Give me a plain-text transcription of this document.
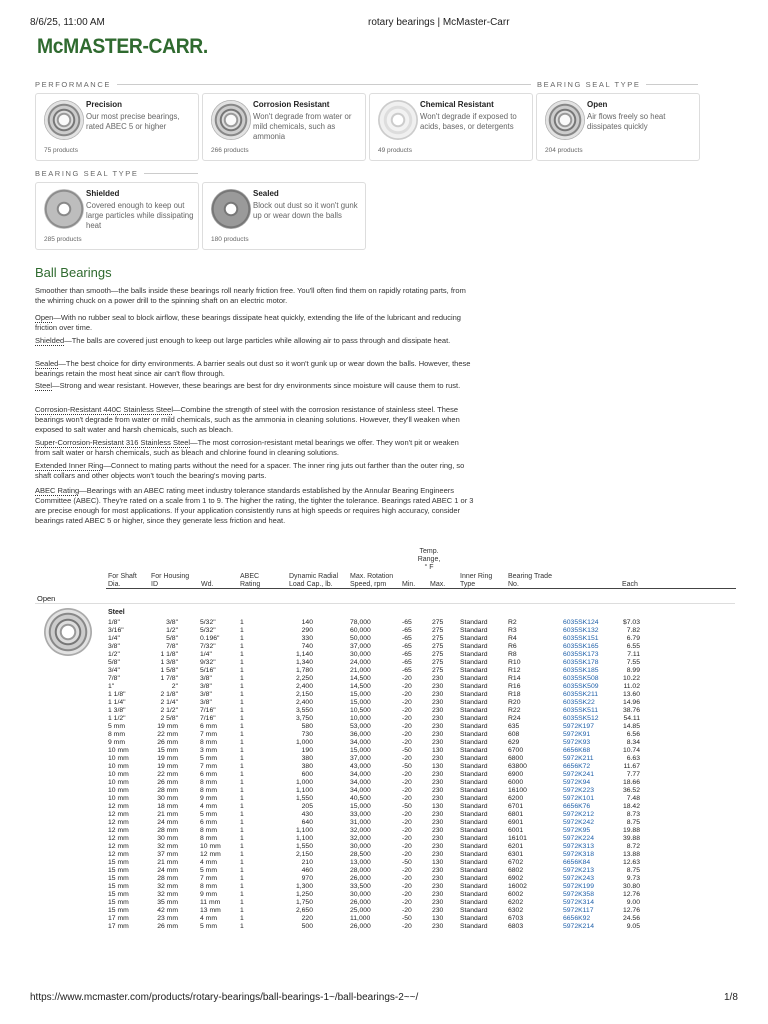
8/6/25, 11:00 AM	rotary bearings | McMaster-Carr
McMASTER-CARR.
PERFORMANCE	BEARING SEAL TYPE
Precision
Our most precise bearings, rated ABEC 5 or higher
75 products
Corrosion Resistant
Won't degrade from water or mild chemicals, such as ammonia
266 products
Chemical Resistant
Won't degrade if exposed to acids, bases, or detergents
49 products
Open
Air flows freely so heat dissipates quickly
204 products
BEARING SEAL TYPE
Shielded
Covered enough to keep out large particles while dissipating heat
285 products
Sealed
Block out dust so it won't gunk up or wear down the balls
180 products
Ball Bearings

Smoother than smooth—the balls inside these bearings roll nearly friction free. You'll often find them on rapidly rotating parts, from the whirring chuck on a power drill to the spinning shaft on an electric motor.

Open—With no rubber seal to block airflow, these bearings dissipate heat quickly, extending the life of the lubricant and reducing friction over time.

Shielded—The balls are covered just enough to keep out large particles while allowing air to pass through and dissipate heat.

Sealed—The best choice for dirty environments. A barrier seals out dust so it won't gunk up or wear down the balls. However, these bearings retain the most heat since air can't flow through.

Steel—Strong and wear resistant. However, these bearings are best for dry environments since moisture will cause them to rust.

Corrosion-Resistant 440C Stainless Steel—Combine the strength of steel with the corrosion resistance of stainless steel. These bearings won't degrade from water or mild chemicals, such as the ammonia in cleaning solutions. However, they'll weaken when exposed to salt water and harsh chemicals, such as bleach.

Super-Corrosion-Resistant 316 Stainless Steel—The most corrosion-resistant metal bearings we offer. They won't pit or weaken from salt water or harsh chemicals, such as bleach and chlorine found in cleaning solutions.

Extended Inner Ring—Connect to mating parts without the need for a spacer. The inner ring juts out farther than the outer ring, so shaft collars and other objects won't touch the bearing's moving parts.

ABEC Rating—Bearings with an ABEC rating meet industry tolerance standards established by the Annular Bearing Engineers Committee (ABEC). They're rated on a scale from 1 to 9. The higher the rating, the tighter the tolerance. Bearings rated ABEC 1 or 3 are precise enough for most applications. If your application consistently runs at high speeds or requires high accuracy, consider bearings rated ABEC 5 or higher, since they generate less friction and heat.

Temp. Range, ° F
For Shaft Dia.
For Housing ID	Wd.
ABEC Rating
Dynamic Radial Load Cap., lb.
Max. Rotation Speed, rpm	Min. Max.
Inner Ring Type
Bearing Trade No.	Each
Open
Steel
1/8"	3/8"	5/32"	1	140	78,000	-65	275 Standard	R2	6035SK124	$7.03
3/16"	1/2"	5/32"	1	290	60,000	-65	275 Standard	R3	6035SK132	7.82
1/4"	5/8"	0.196"	1	330	50,000	-65	275 Standard	R4	6035SK151	6.79
3/8"	7/8"	7/32"	1	740	37,000	-65	275 Standard	R6	6035SK165	6.55
1/2"	1 1/8"	1/4"	1	1,140	30,000	-65	275 Standard	R8	6035SK173	7.11
5/8"	1 3/8"	9/32"	1	1,340	24,000	-65	275 Standard	R10	6035SK178	7.55
3/4"	1 5/8"	5/16"	1	1,780	21,000	-65	275 Standard	R12	6035SK185	8.99
7/8"	1 7/8"	3/8"	1	2,250	14,500	-20	230 Standard	R14	6035SK508	10.22
1"	2"	3/8"	1	2,400	14,500	-20	230 Standard	R16	6035SK509	11.02
1 1/8"	2 1/8"	3/8"	1	2,150	15,000	-20	230 Standard	R18	6035SK211	13.60
1 1/4"	2 1/4"	3/8"	1	2,400	15,000	-20	230 Standard	R20	6035SK22	14.96
1 3/8"	2 1/2"	7/16"	1	3,550	10,500	-20	230 Standard	R22	6035SK511	38.76
1 1/2"	2 5/8"	7/16"	1	3,750	10,000	-20	230 Standard	R24	6035SK512	54.11
5 mm	19 mm	6 mm	1	580	53,000	-20	230 Standard	635	5972K197	14.85
8 mm	22 mm	7 mm	1	730	36,000	-20	230 Standard	608	5972K91	6.56
9 mm	26 mm	8 mm	1	1,000	34,000	-20	230 Standard	629	5972K93	8.34
10 mm	15 mm	3 mm	1	190	15,000	-50	130 Standard	6700	6656K68	10.74
10 mm	19 mm	5 mm	1	380	37,000	-20	230 Standard	6800	5972K211	6.63
10 mm	19 mm	7 mm	1	380	43,000	-50	130 Standard	63800	6656K72	11.67
10 mm	22 mm	6 mm	1	600	34,000	-20	230 Standard	6900	5972K241	7.77
10 mm	26 mm	8 mm	1	1,000	34,000	-20	230 Standard	6000	5972K94	18.66
10 mm	28 mm	8 mm	1	1,100	34,000	-20	230 Standard	16100	5972K223	36.52
10 mm	30 mm	9 mm	1	1,550	40,500	-20	230 Standard	6200	5972K101	7.48
12 mm	18 mm	4 mm	1	205	15,000	-50	130 Standard	6701	6656K76	18.42
12 mm	21 mm	5 mm	1	430	33,000	-20	230 Standard	6801	5972K212	8.73
12 mm	24 mm	6 mm	1	640	31,000	-20	230 Standard	6901	5972K242	8.75
12 mm	28 mm	8 mm	1	1,100	32,000	-20	230 Standard	6001	5972K95	19.88
12 mm	30 mm	8 mm	1	1,100	32,000	-20	230 Standard	16101	5972K224	39.88
12 mm	32 mm	10 mm	1	1,550	30,000	-20	230 Standard	6201	5972K313	8.72
12 mm	37 mm	12 mm	1	2,150	28,500	-20	230 Standard	6301	5972K318	13.88
15 mm	21 mm	4 mm	1	210	13,000	-50	130 Standard	6702	6656K84	12.63
15 mm	24 mm	5 mm	1	460	28,000	-20	230 Standard	6802	5972K213	8.75
15 mm	28 mm	7 mm	1	970	26,000	-20	230 Standard	6902	5972K243	9.73
15 mm	32 mm	8 mm	1	1,300	33,500	-20	230 Standard	16002	5972K199	30.80
15 mm	32 mm	9 mm	1	1,250	30,000	-20	230 Standard	6002	5972K358	12.76
15 mm	35 mm	11 mm	1	1,750	26,000	-20	230 Standard	6202	5972K314	9.00
15 mm	42 mm	13 mm	1	2,650	25,000	-20	230 Standard	6302	5972K117	12.76
17 mm	23 mm	4 mm	1	220	11,000	-50	130 Standard	6703	6656K92	24.56
17 mm	26 mm	5 mm	1	500	26,000	-20	230 Standard	6803	5972K214	9.05
https://www.mcmaster.com/products/rotary-bearings/ball-bearings-1~/ball-bearings-2~~/	1/8
